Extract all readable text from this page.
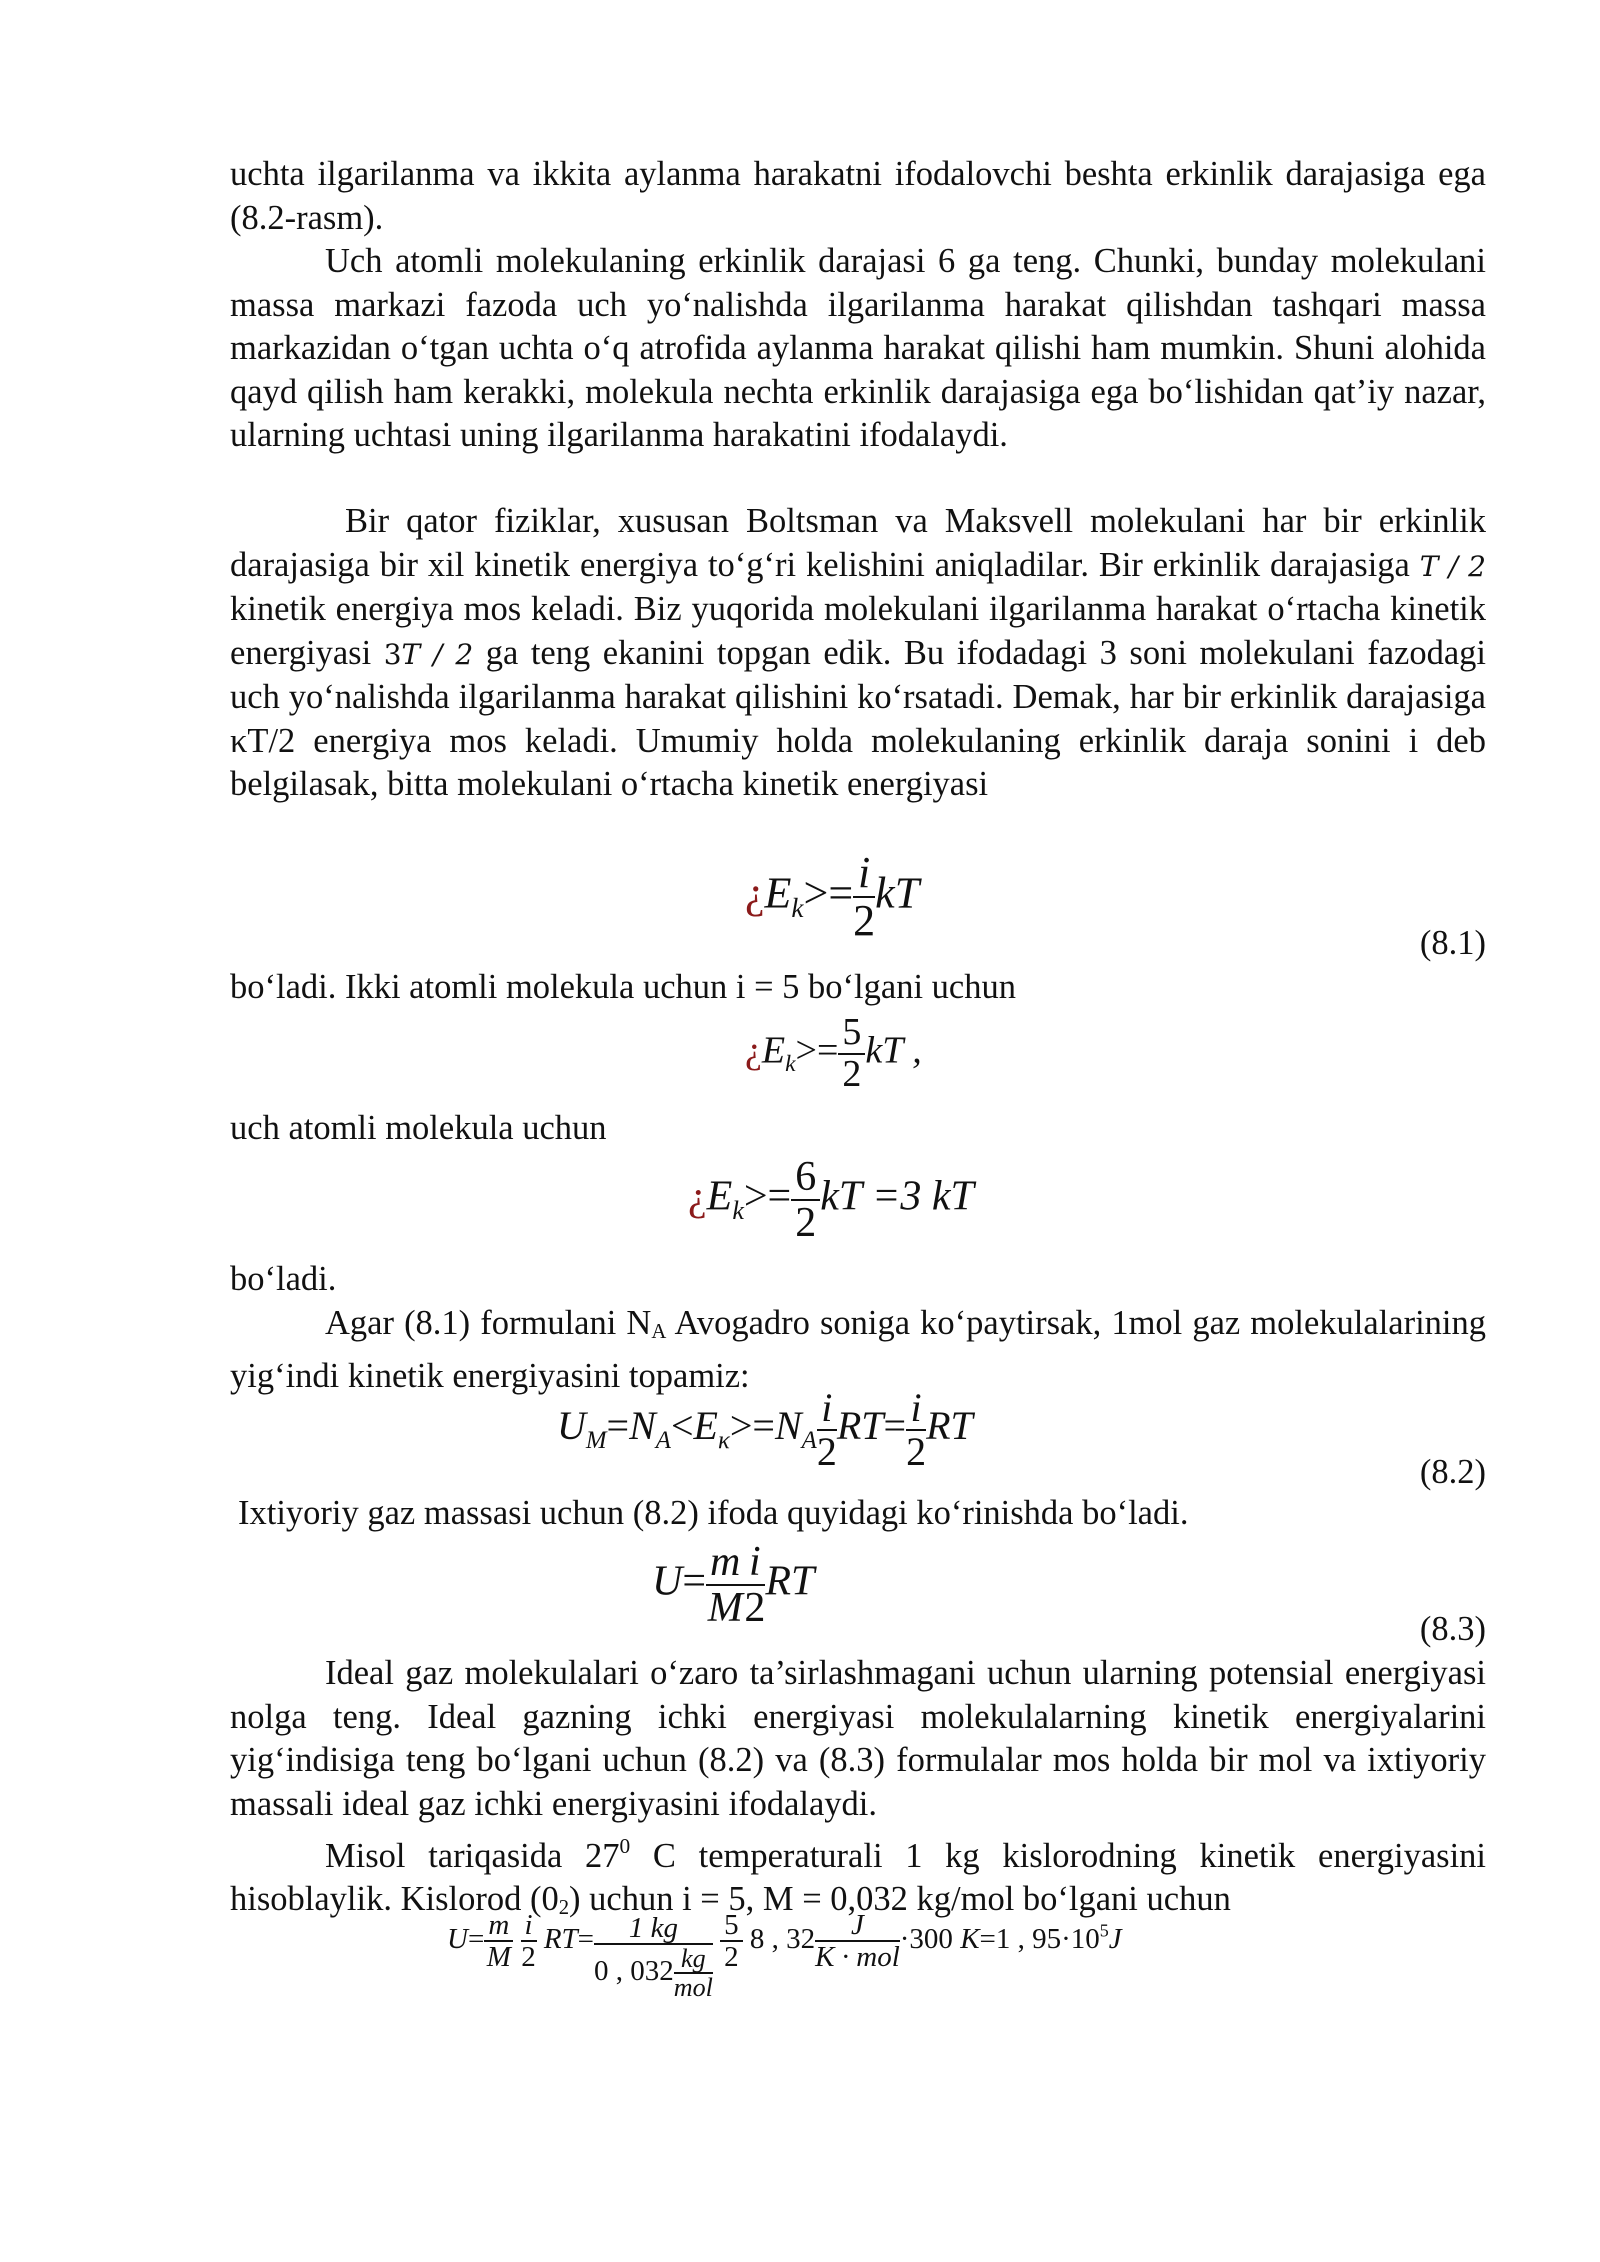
uchta ilgarilanma va ikkita aylanma harakatni ifodalovchi beshta erkinlik darajasiga ega (8.2-rasm).

Uch atomli molekulaning erkinlik darajasi 6 ga teng. Chunki, bunday molekulani massa markazi fazoda uch yo‘nalishda ilgarilanma harakat qilishdan tashqari massa markazidan o‘tgan uchta o‘q atrofida aylanma harakat qilishi ham mumkin. Shuni alohida qayd qilish ham kerakki, molekula nechta erkinlik darajasiga ega bo‘lishidan qat’iy nazar, ularning uchtasi uning ilgarilanma harakatini ifodalaydi.

Bir qator fiziklar, xususan Boltsman va Maksvell molekulani har bir erkinlik darajasiga bir xil kinetik energiya to‘g‘ri kelishini aniqladilar. Bir erkinlik darajasiga T / 2 kinetik energiya mos keladi. Biz yuqorida molekulani ilgarilanma harakat o‘rtacha kinetik energiyasi 3T / 2 ga teng ekanini topgan edik. Bu ifodadagi 3 soni molekulani fazodagi uch yo‘nalishda ilgarilanma harakat qilishini ko‘rsatadi. Demak, har bir erkinlik darajasiga κT/2 energiya mos keladi. Umumiy holda molekulaning erkinlik daraja sonini i deb belgilasak, bitta molekulani o‘rtacha kinetik energiyasi

¿$E_k>= \frac{i}{2}$ kT
(8.1)

bo‘ladi. Ikki atomli molekula uchun i = 5 bo‘lgani uchun

¿$E_k>= \frac{5}{2}$ kT ,

uch atomli molekula uchun

¿$E_k>= \frac{6}{2}$ kT =3 kT

bo‘ladi.

Agar (8.1) formulani NA Avogadro soniga ko‘paytirsak, 1mol gaz molekulalarining yig‘indi kinetik energiyasini topamiz:

$U_M=N_A<E_\kappa>=N_A \frac{i}{2} RT= \frac{i}{2}$ RT
(8.2)

Ixtiyoriy gaz massasi uchun (8.2) ifoda quyidagi ko‘rinishda bo‘ladi.

$U= \frac{m}{M} \frac{i}{2}$ RT
(8.3)

Ideal gaz molekulalari o‘zaro ta’sirlashmagani uchun ularning potensial energiyasi nolga teng. Ideal gazning ichki energiyasi molekulalarning kinetik energiyalarini yig‘indisiga teng bo‘lgani uchun (8.2) va (8.3) formulalar mos holda bir mol va ixtiyoriy massali ideal gaz ichki energiyasini ifodalaydi.

Misol tariqasida $27^0$ C temperaturali 1 kg kislorodning kinetik energiyasini hisoblaylik. Kislorod (02) uchun i = 5, M = 0,032 kg/mol bo‘lgani uchun

$U= \frac{m}{M}$
$\frac{i}{2} RT= \frac{1 kg}{0 , 032 \frac{kg}{\text{mol}}}$
$\frac{5}{2} 8$ , $32 \frac{J}{\text{K · mol}} \cdot 300$ K=1 , $95\cdot 10^5J$
